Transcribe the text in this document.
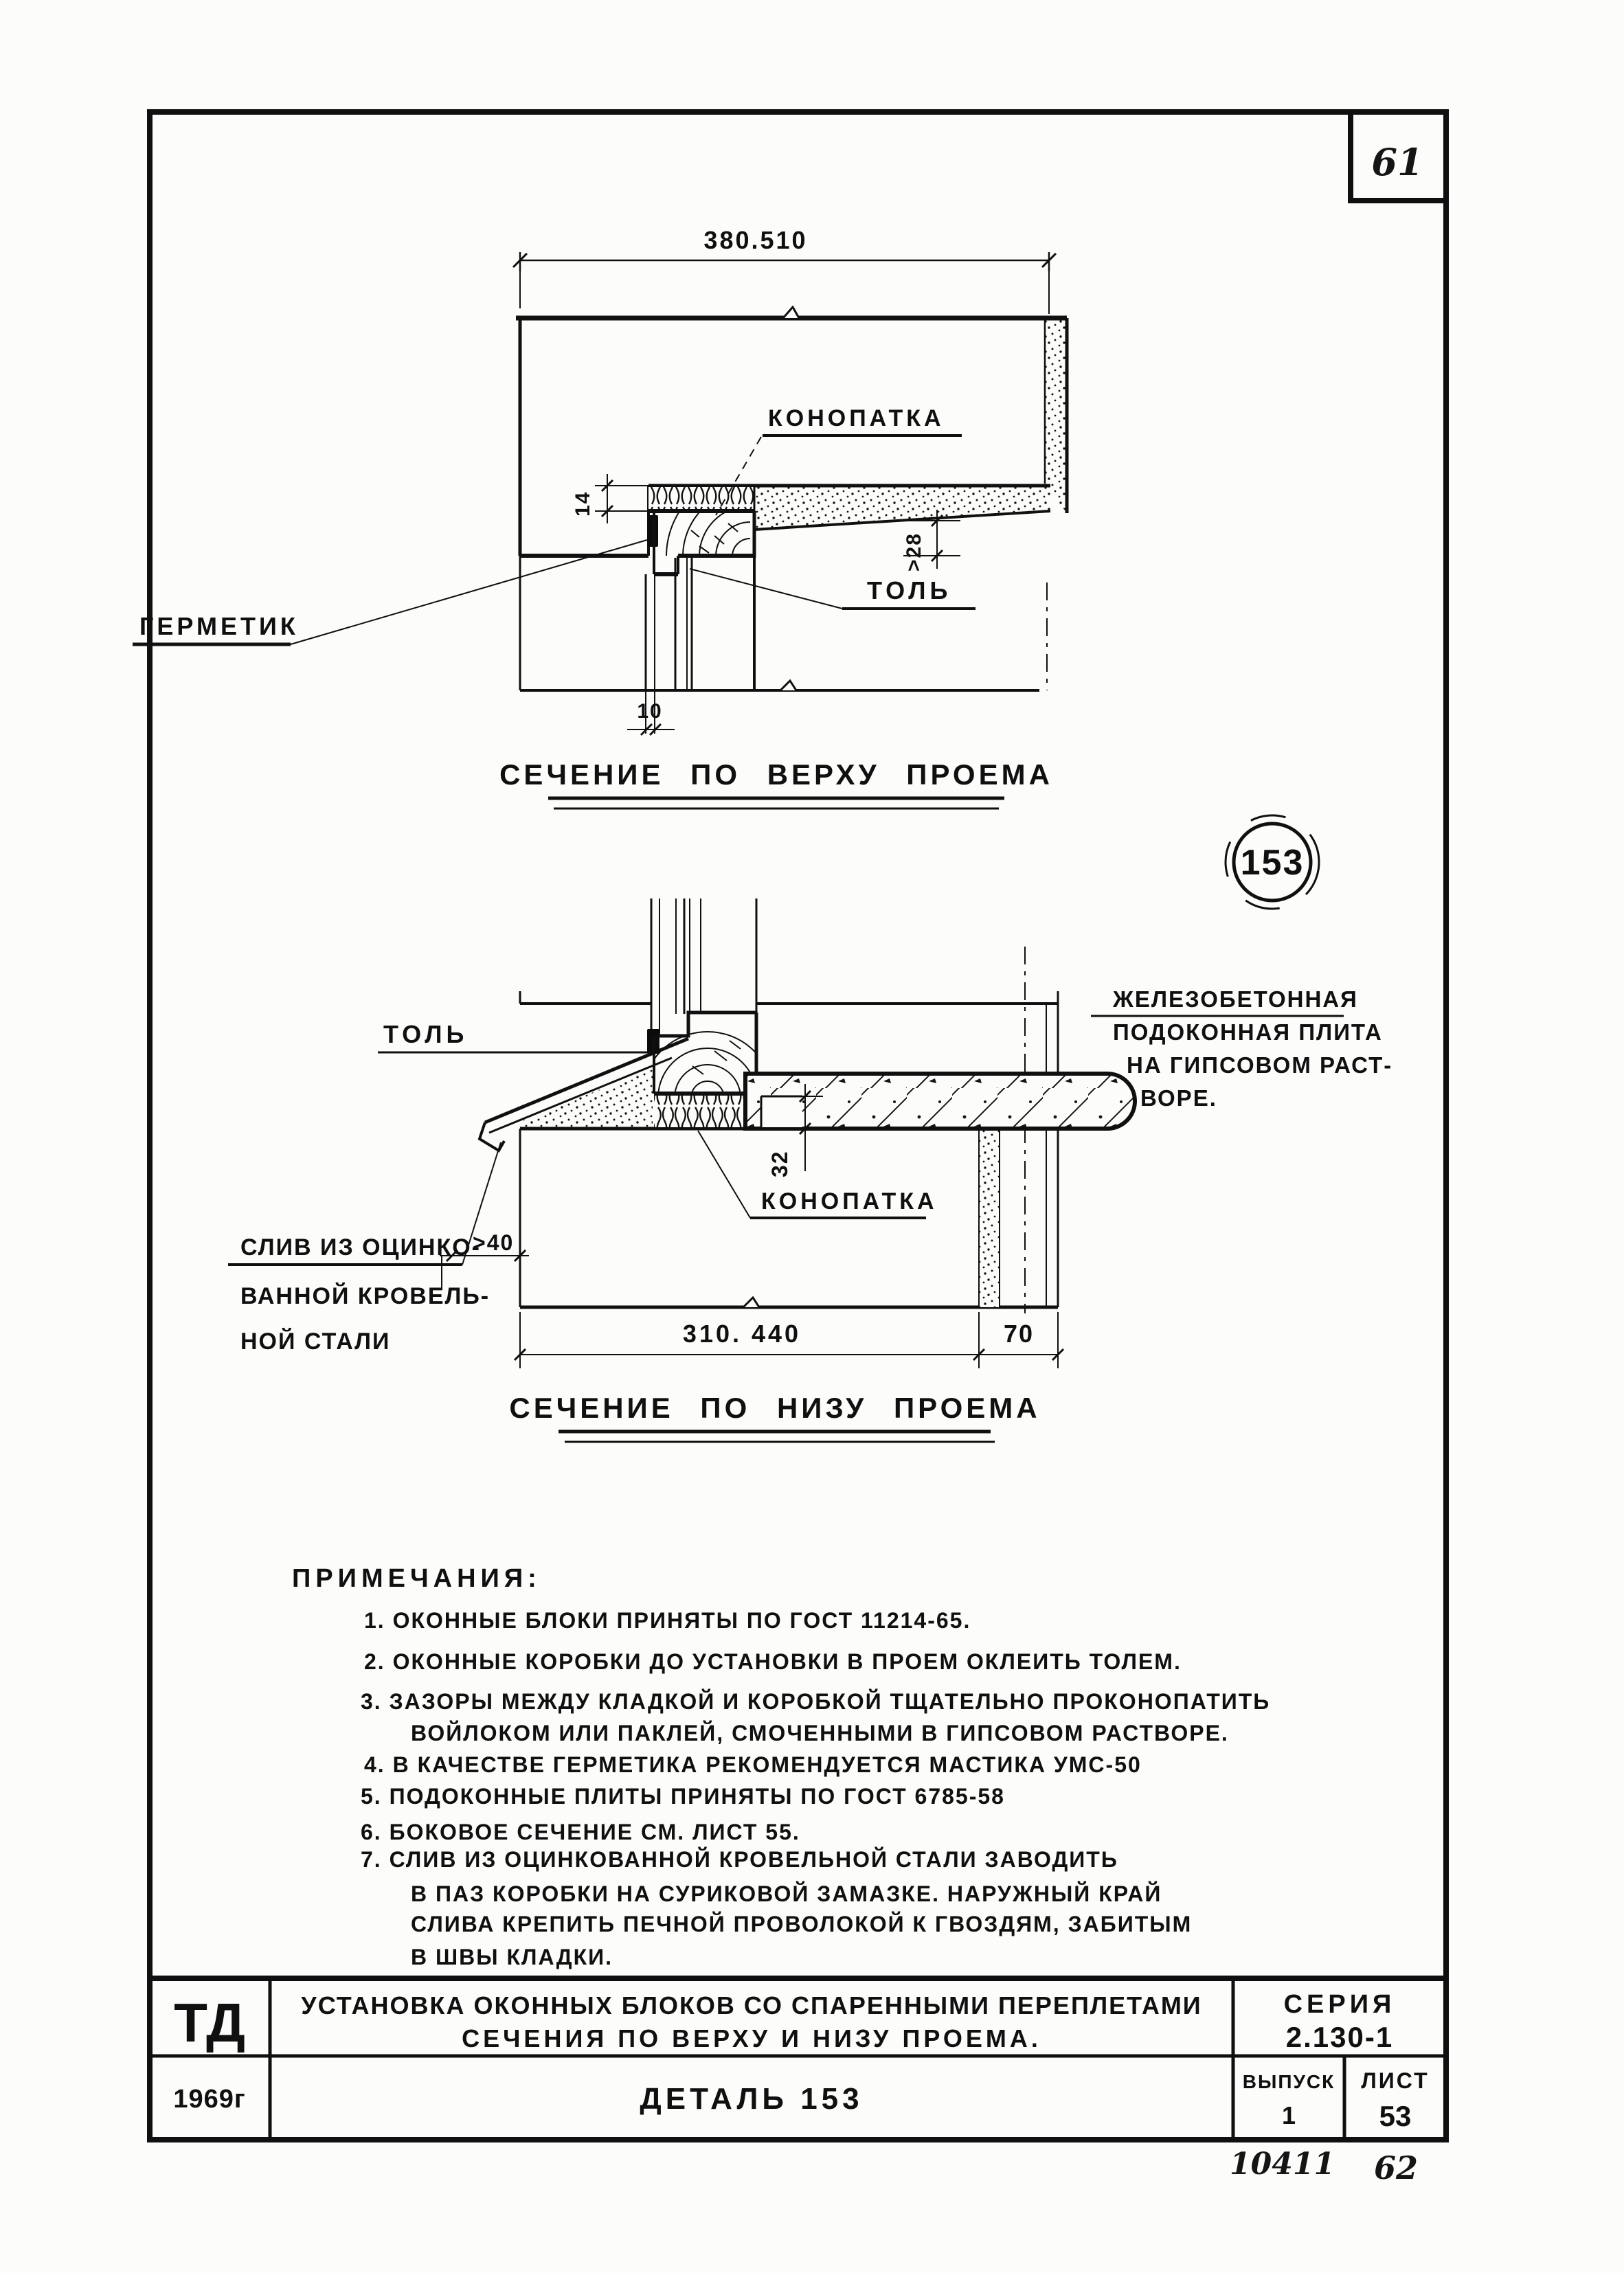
61
380.510
14
>28
10
КОНОПАТКА
ГЕРМЕТИК
ТОЛЬ
СЕЧЕНИЕ ПО ВЕРХУ ПРОЕМА
153
32
>40
310. 440	70
ТОЛЬ
ЖЕЛЕЗОБЕТОННАЯ
ПОДОКОННАЯ ПЛИТА
НА ГИПСОВОМ РАСТ-
ВОРЕ.
СЛИВ ИЗ ОЦИНКО-
ВАННОЙ КРОВЕЛЬ-
НОЙ СТАЛИ
КОНОПАТКА
СЕЧЕНИЕ ПО НИЗУ ПРОЕМА
ПРИМЕЧАНИЯ:
1. ОКОННЫЕ БЛОКИ ПРИНЯТЫ ПО ГОСТ 11214-65.
2. ОКОННЫЕ КОРОБКИ ДО УСТАНОВКИ В ПРОЕМ ОКЛЕИТЬ ТОЛЕМ.
3. ЗАЗОРЫ МЕЖДУ КЛАДКОЙ И КОРОБКОЙ ТЩАТЕЛЬНО ПРОКОНОПАТИТЬ
ВОЙЛОКОМ ИЛИ ПАКЛЕЙ, СМОЧЕННЫМИ В ГИПСОВОМ РАСТВОРЕ.
4. В КАЧЕСТВЕ ГЕРМЕТИКА РЕКОМЕНДУЕТСЯ МАСТИКА УМС-50
5. ПОДОКОННЫЕ ПЛИТЫ ПРИНЯТЫ ПО ГОСТ 6785-58
6. БОКОВОЕ СЕЧЕНИЕ СМ. ЛИСТ 55.
7. СЛИВ ИЗ ОЦИНКОВАННОЙ КРОВЕЛЬНОЙ СТАЛИ ЗАВОДИТЬ
В ПАЗ КОРОБКИ НА СУРИКОВОЙ ЗАМАЗКЕ. НАРУЖНЫЙ КРАЙ
СЛИВА КРЕПИТЬ ПЕЧНОЙ ПРОВОЛОКОЙ К ГВОЗДЯМ, ЗАБИТЫМ
В ШВЫ КЛАДКИ.
ТД УСТАНОВКА ОКОННЫХ БЛОКОВ СО СПАРЕННЫМИ ПЕРЕПЛЕТАМИ
СЕЧЕНИЯ ПО ВЕРХУ И НИЗУ ПРОЕМА.
СЕРИЯ
2.130-1
1969г	ДЕТАЛЬ 153
ВЫПУСК
1
ЛИСТ
53
10411 62
